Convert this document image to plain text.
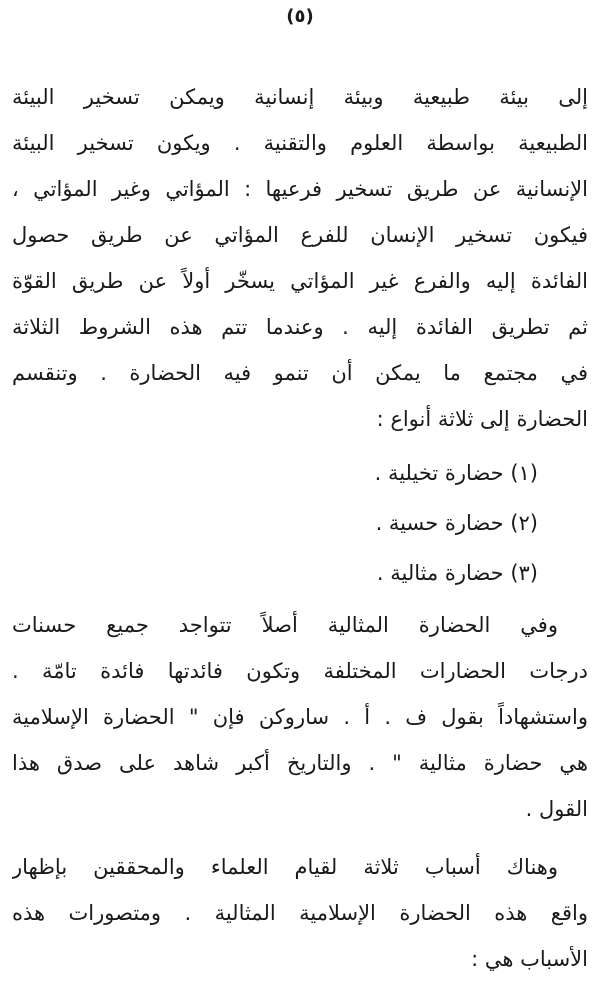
(٥)
إلى بيئة طبيعية وبيئة إنسانية ويمكن تسخير البيئة
الطبيعية بواسطة العلوم والتقنية . ويكون تسخير البيئة
الإنسانية عن طريق تسخير فرعيها : المؤاتي وغير المؤاتي ،
فيكون تسخير الإنسان للفرع المؤاتي عن طريق حصول
الفائدة إليه والفرع غير المؤاتي يسخّر أولاً عن طريق القوّة
ثم تطريق الفائدة إليه . وعندما تتم هذه الشروط الثلاثة
في مجتمع ما يمكن أن تنمو فيه الحضارة . وتنقسم
الحضارة إلى ثلاثة أنواع :
(١) حضارة تخيلية .
(٢) حضارة حسية .
(٣) حضارة مثالية .
وفي الحضارة المثالية أصلاً تتواجد جميع حسنات
درجات الحضارات المختلفة وتكون فائدتها فائدة تامّة .
واستشهاداً بقول ف . أ . ساروكن فإن " الحضارة الإسلامية
هي حضارة مثالية " . والتاريخ أكبر شاهد على صدق هذا
القول .
وهناك أسباب ثلاثة لقيام العلماء والمحققين بإظهار
واقع هذه الحضارة الإسلامية المثالية . ومتصورات هذه
الأسباب هي :
